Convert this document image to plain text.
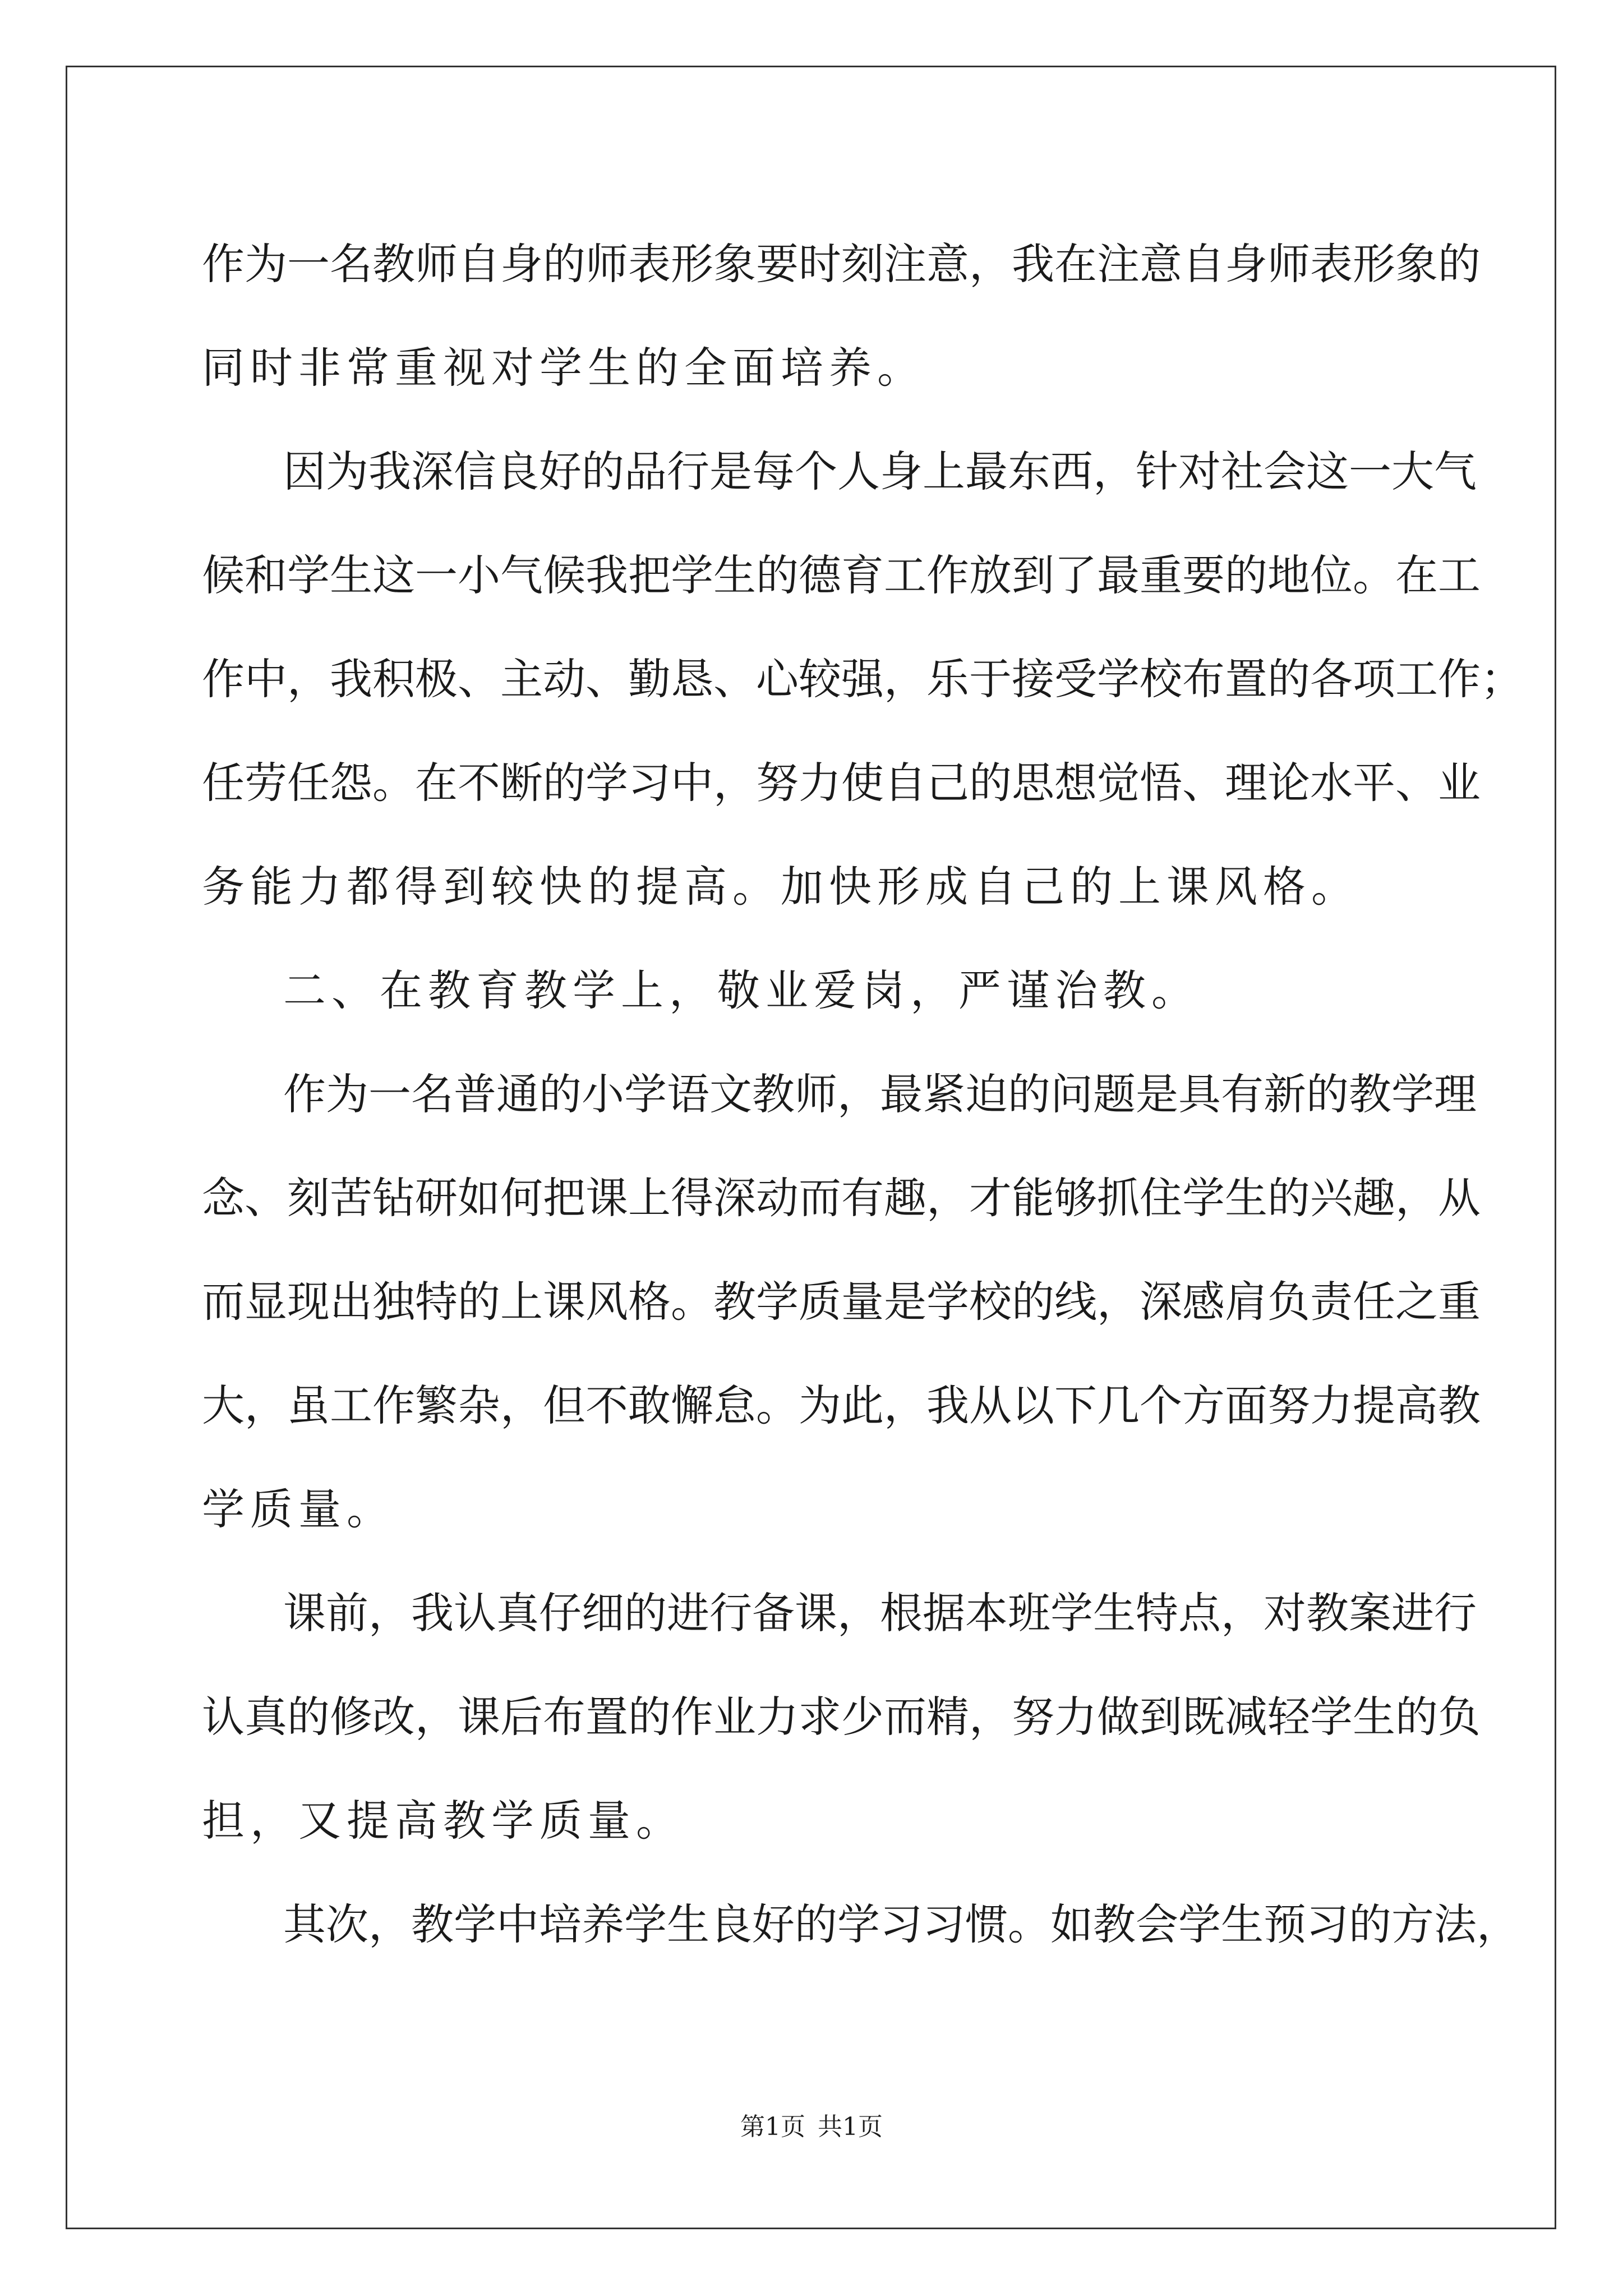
作为一名教师自身的师表形象要时刻注意，我在注意自身师表形象的
同时非常重视对学生的全面培养。
因为我深信良好的品行是每个人身上最东西，针对社会这一大气
候和学生这一小气候我把学生的德育工作放到了最重要的地位。在工
作中，我积极、主动、勤恳、心较强，乐于接受学校布置的各项工作；
任劳任怨。在不断的学习中，努力使自己的思想觉悟、理论水平、业
务能力都得到较快的提高。加快形成自己的上课风格。
二、在教育教学上，敬业爱岗，严谨治教。
作为一名普通的小学语文教师，最紧迫的问题是具有新的教学理
念、刻苦钻研如何把课上得深动而有趣，才能够抓住学生的兴趣，从
而显现出独特的上课风格。教学质量是学校的线，深感肩负责任之重
大，虽工作繁杂，但不敢懈怠。为此，我从以下几个方面努力提高教
学质量。
课前，我认真仔细的进行备课，根据本班学生特点，对教案进行
认真的修改，课后布置的作业力求少而精，努力做到既减轻学生的负
担，又提高教学质量。
其次，教学中培养学生良好的学习习惯。如教会学生预习的方法，
第1页 共1页
